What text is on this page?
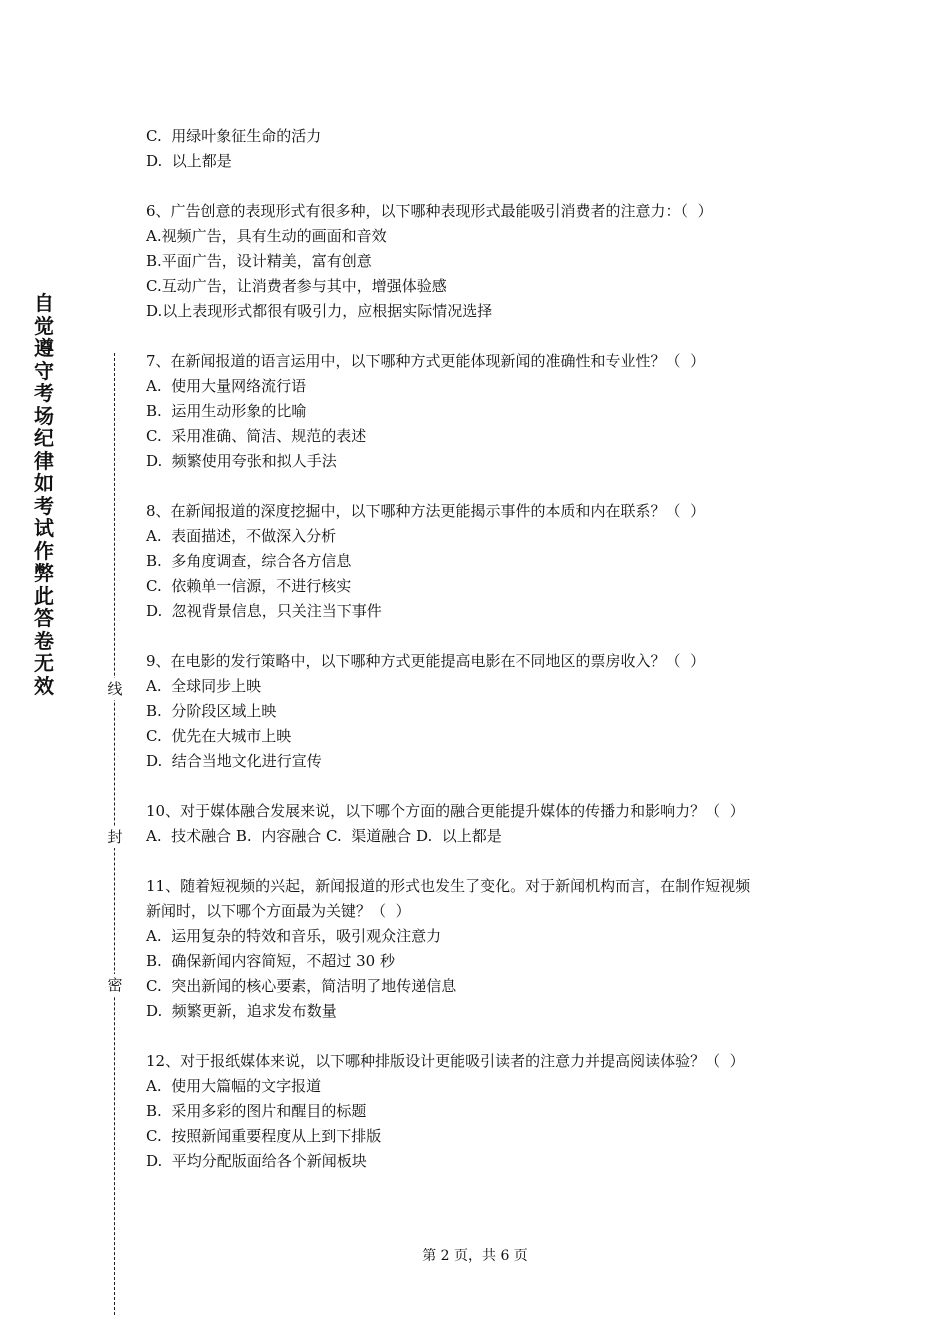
自觉遵守考场纪律如考试作弊此答卷无效	线
封
密
C.  用绿叶象征生命的活力
D.  以上都是
6、广告创意的表现形式有很多种，以下哪种表现形式最能吸引消费者的注意力：（  ）
A.视频广告，具有生动的画面和音效
B.平面广告，设计精美，富有创意
C.互动广告，让消费者参与其中，增强体验感
D.以上表现形式都很有吸引力，应根据实际情况选择
7、在新闻报道的语言运用中，以下哪种方式更能体现新闻的准确性和专业性？（  ）
A.  使用大量网络流行语
B.  运用生动形象的比喻
C.  采用准确、简洁、规范的表述
D.  频繁使用夸张和拟人手法
8、在新闻报道的深度挖掘中，以下哪种方法更能揭示事件的本质和内在联系？（  ）
A.  表面描述，不做深入分析
B.  多角度调查，综合各方信息
C.  依赖单一信源，不进行核实
D.  忽视背景信息，只关注当下事件
9、在电影的发行策略中，以下哪种方式更能提高电影在不同地区的票房收入？（  ）
A.  全球同步上映
B.  分阶段区域上映
C.  优先在大城市上映
D.  结合当地文化进行宣传
10、对于媒体融合发展来说，以下哪个方面的融合更能提升媒体的传播力和影响力？（  ）
A.  技术融合 B.  内容融合 C.  渠道融合 D.  以上都是
11、随着短视频的兴起，新闻报道的形式也发生了变化。对于新闻机构而言，在制作短视频
新闻时，以下哪个方面最为关键？（  ）
A.  运用复杂的特效和音乐，吸引观众注意力
B.  确保新闻内容简短，不超过 30 秒
C.  突出新闻的核心要素，简洁明了地传递信息
D.  频繁更新，追求发布数量
12、对于报纸媒体来说，以下哪种排版设计更能吸引读者的注意力并提高阅读体验？（  ）
A.  使用大篇幅的文字报道
B.  采用多彩的图片和醒目的标题
C.  按照新闻重要程度从上到下排版
D.  平均分配版面给各个新闻板块
第 2 页，共 6 页
